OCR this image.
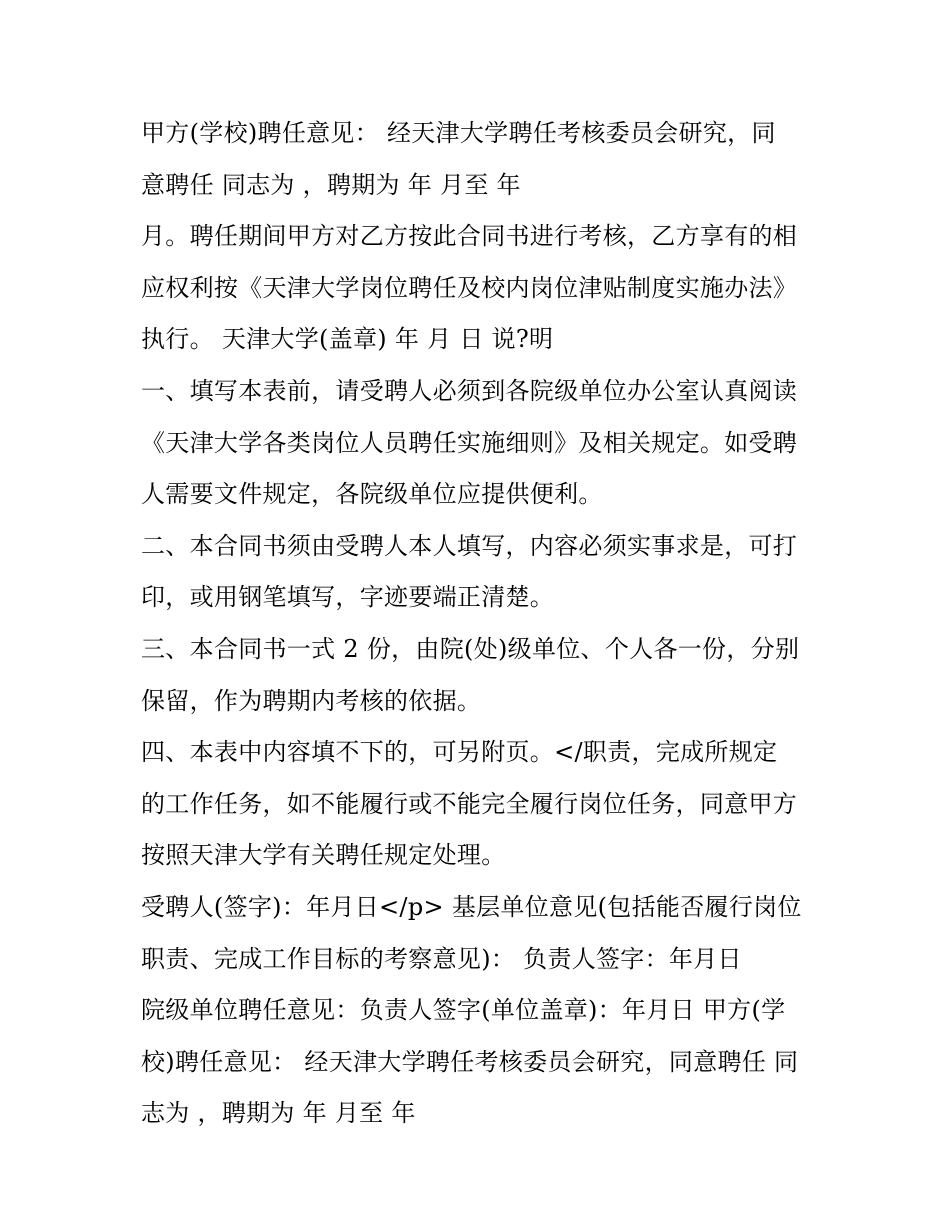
甲方(学校)聘任意见： 经天津大学聘任考核委员会研究，同
意聘任 同志为 ，聘期为 年 月至 年
月。聘任期间甲方对乙方按此合同书进行考核，乙方享有的相
应权利按《天津大学岗位聘任及校内岗位津贴制度实施办法》
执行。 天津大学(盖章) 年 月 日 说?明
一、填写本表前，请受聘人必须到各院级单位办公室认真阅读
《天津大学各类岗位人员聘任实施细则》及相关规定。如受聘
人需要文件规定，各院级单位应提供便利。
二、本合同书须由受聘人本人填写，内容必须实事求是，可打
印，或用钢笔填写，字迹要端正清楚。
三、本合同书一式 2 份，由院(处)级单位、个人各一份，分别
保留，作为聘期内考核的依据。
四、本表中内容填不下的，可另附页。</职责，完成所规定
的工作任务，如不能履行或不能完全履行岗位任务，同意甲方
按照天津大学有关聘任规定处理。
受聘人(签字)：年月日</p> 基层单位意见(包括能否履行岗位
职责、完成工作目标的考察意见)： 负责人签字：年月日
院级单位聘任意见：负责人签字(单位盖章)：年月日 甲方(学
校)聘任意见： 经天津大学聘任考核委员会研究，同意聘任 同
志为 ，聘期为 年 月至 年
